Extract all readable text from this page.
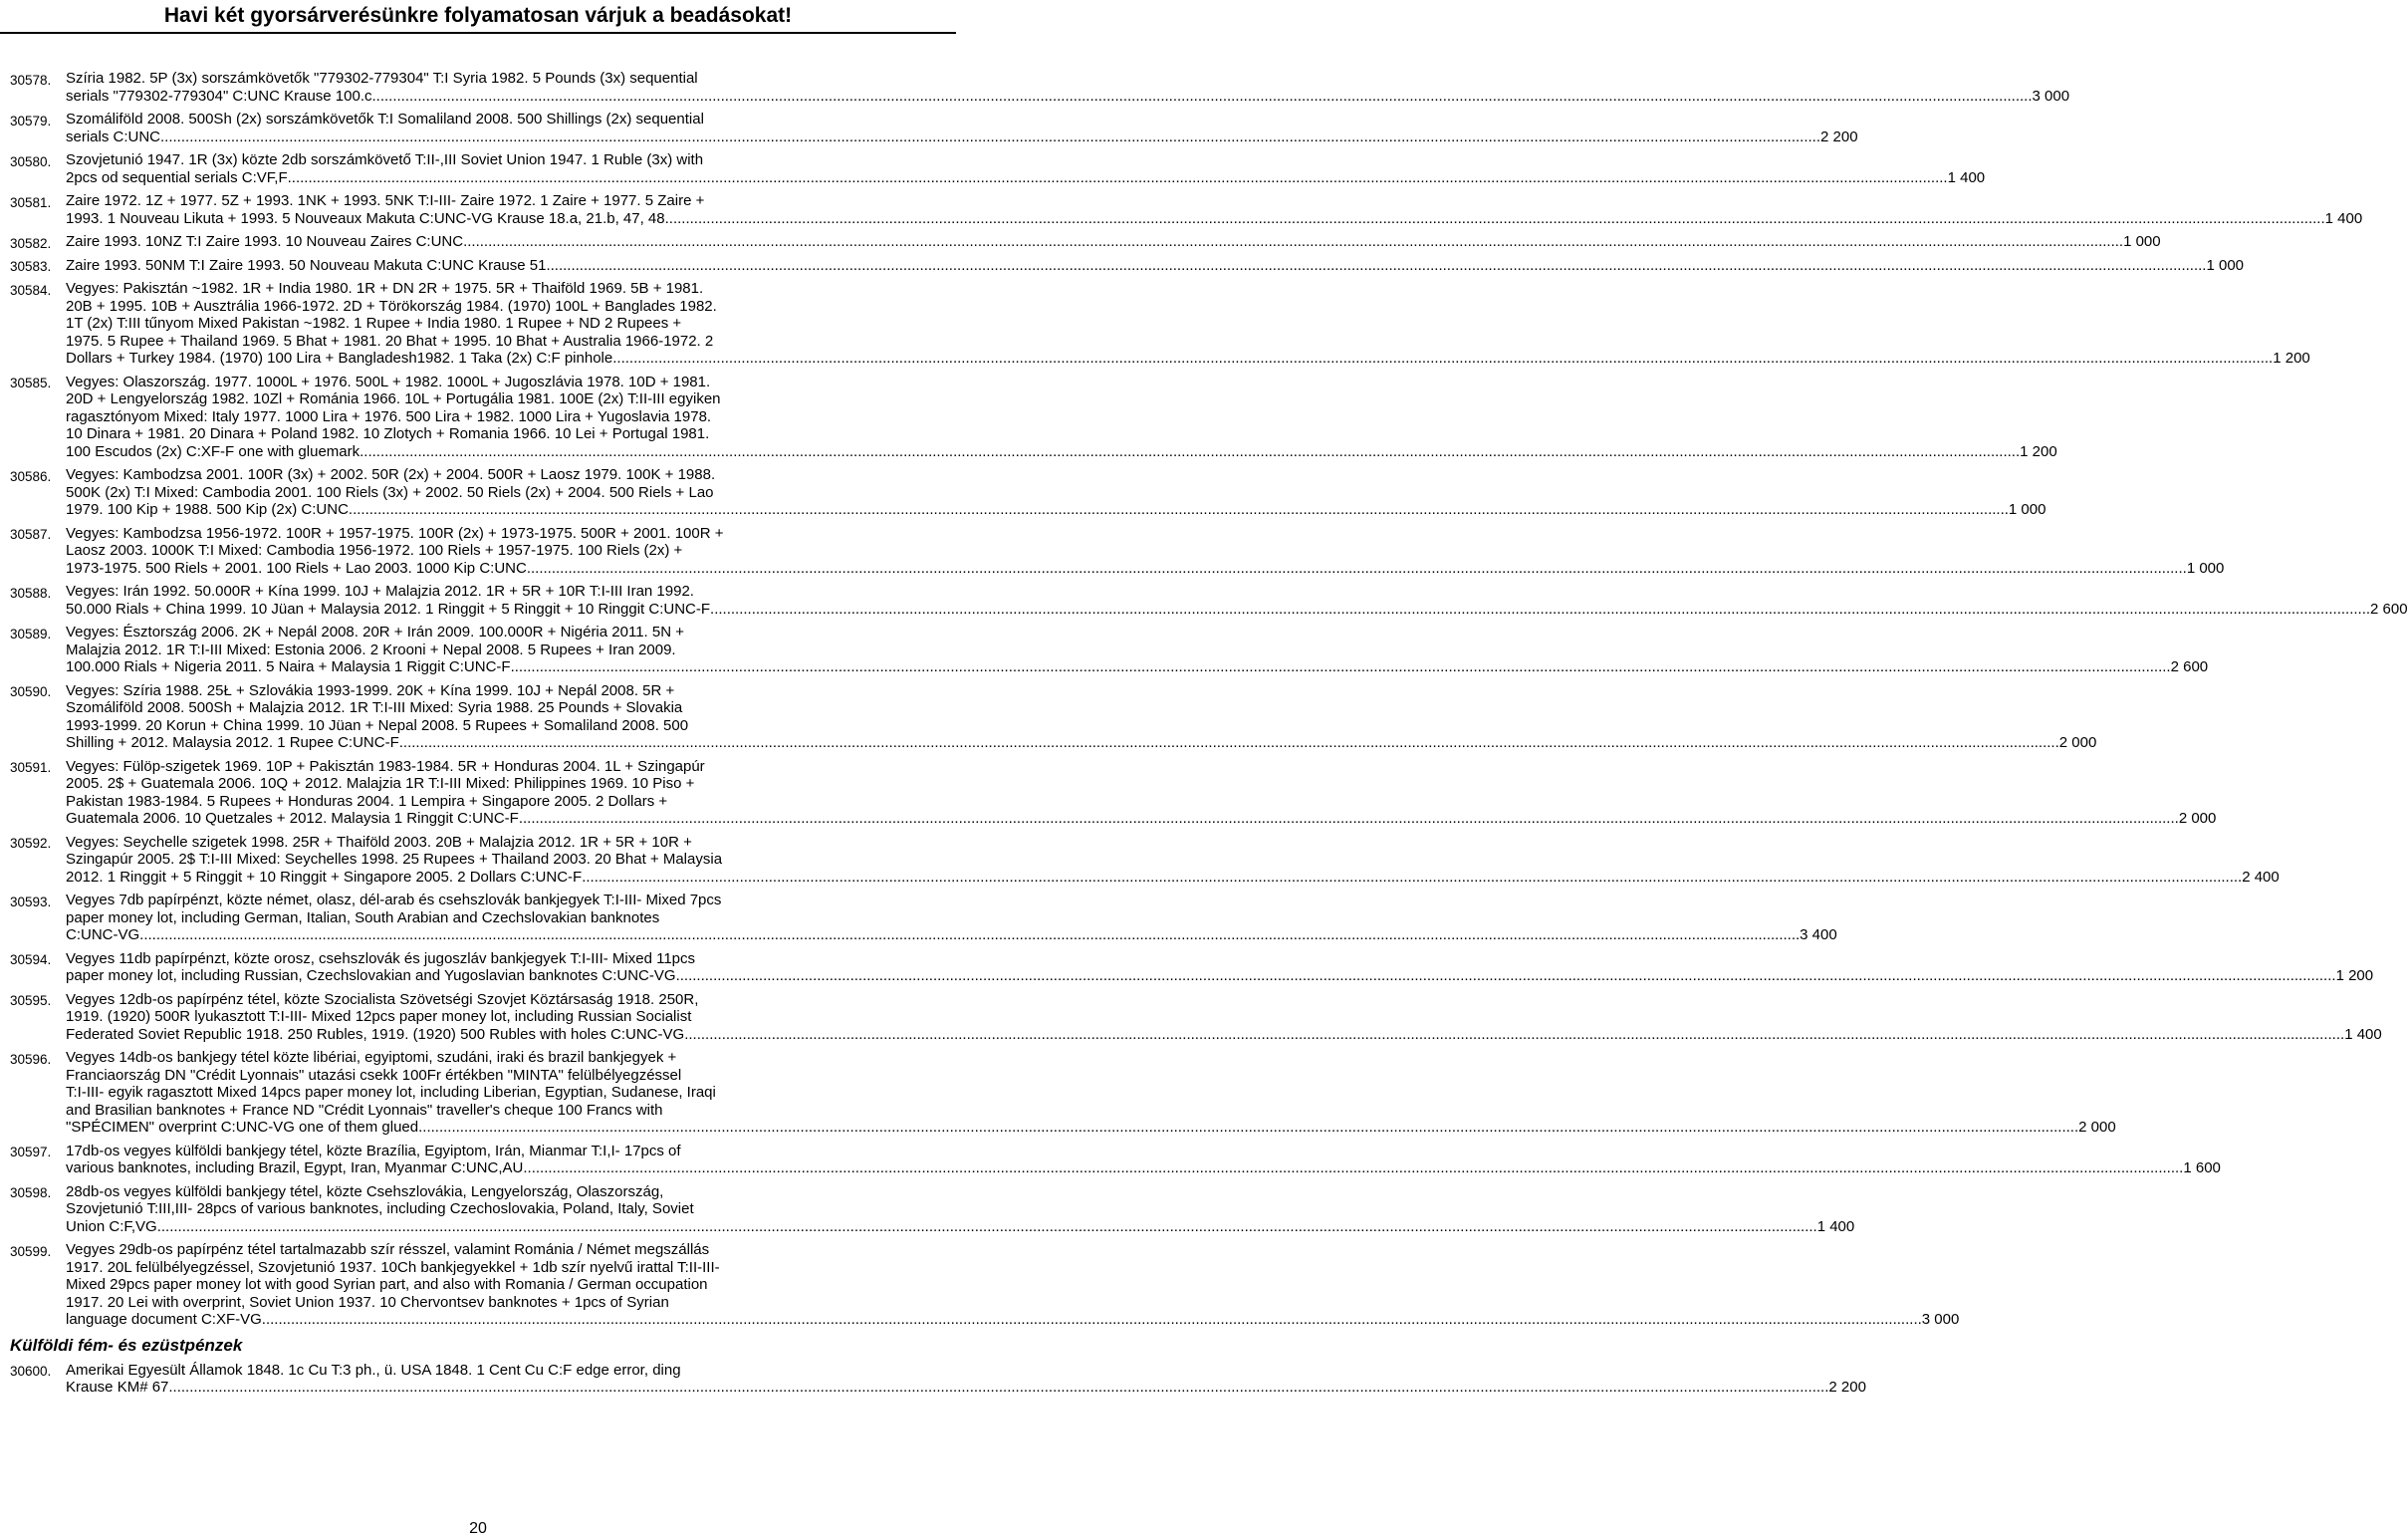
Havi két gyorsárverésünkre folyamatosan várjuk a beadásokat!
30578. Szíria 1982. 5P (3x) sorszámkövetők "779302-779304" T:I Syria 1982. 5 Pounds (3x) sequential

serials "779302-779304" C:UNC Krause 100.c ................................................................................................................................................................................................................................................................................................................................................................................................................ 3 000

30579. Szomáliföld 2008. 500Sh (2x) sorszámkövetők T:I Somaliland 2008. 500 Shillings (2x) sequential

serials C:UNC ................................................................................................................................................................................................................................................................................................................................................................................................................ 2 200

30580. Szovjetunió 1947. 1R (3x) közte 2db sorszámkövető T:II-,III Soviet Union 1947. 1 Ruble (3x) with

2pcs od sequential serials C:VF,F ................................................................................................................................................................................................................................................................................................................................................................................................................ 1 400

30581. Zaire 1972. 1Z + 1977. 5Z + 1993. 1NK + 1993. 5NK T:I-III- Zaire 1972. 1 Zaire + 1977. 5 Zaire +

1993. 1 Nouveau Likuta + 1993. 5 Nouveaux Makuta C:UNC-VG Krause 18.a, 21.b, 47, 48 ................................................................................................................................................................................................................................................................................................................................................................................................................ 1 400

30582. Zaire 1993. 10NZ T:I Zaire 1993. 10 Nouveau Zaires C:UNC ................................................................................................................................................................................................................................................................................................................................................................................................................ 1 000

30583. Zaire 1993. 50NM T:I Zaire 1993. 50 Nouveau Makuta C:UNC Krause 51 ................................................................................................................................................................................................................................................................................................................................................................................................................ 1 000

30584. Vegyes: Pakisztán ~1982. 1R + India 1980. 1R + DN 2R + 1975. 5R + Thaiföld 1969. 5B + 1981.

20B + 1995. 10B + Ausztrália 1966-1972. 2D + Törökország 1984. (1970) 100L + Banglades 1982.

1T (2x) T:III tűnyom Mixed Pakistan ~1982. 1 Rupee + India 1980. 1 Rupee + ND 2 Rupees +

1975. 5 Rupee + Thailand 1969. 5 Bhat + 1981. 20 Bhat + 1995. 10 Bhat + Australia 1966-1972. 2

Dollars + Turkey 1984. (1970) 100 Lira + Bangladesh1982. 1 Taka (2x) C:F pinhole ................................................................................................................................................................................................................................................................................................................................................................................................................ 1 200

30585. Vegyes: Olaszország. 1977. 1000L + 1976. 500L + 1982. 1000L + Jugoszlávia 1978. 10D + 1981.

20D + Lengyelország 1982. 10Zl + Románia 1966. 10L + Portugália 1981. 100E (2x) T:II-III egyiken

ragasztónyom Mixed: Italy 1977. 1000 Lira + 1976. 500 Lira + 1982. 1000 Lira + Yugoslavia 1978.

10 Dinara + 1981. 20 Dinara + Poland 1982. 10 Zlotych + Romania 1966. 10 Lei + Portugal 1981.

100 Escudos (2x) C:XF-F one with gluemark ................................................................................................................................................................................................................................................................................................................................................................................................................ 1 200

30586. Vegyes: Kambodzsa 2001. 100R (3x) + 2002. 50R (2x) + 2004. 500R + Laosz 1979. 100K + 1988.

500K (2x) T:I Mixed: Cambodia 2001. 100 Riels (3x) + 2002. 50 Riels (2x) + 2004. 500 Riels + Lao

1979. 100 Kip + 1988. 500 Kip (2x) C:UNC ................................................................................................................................................................................................................................................................................................................................................................................................................ 1 000

30587. Vegyes: Kambodzsa 1956-1972. 100R + 1957-1975. 100R (2x) + 1973-1975. 500R + 2001. 100R +

Laosz 2003. 1000K T:I Mixed: Cambodia 1956-1972. 100 Riels + 1957-1975. 100 Riels (2x) +

1973-1975. 500 Riels + 2001. 100 Riels + Lao 2003. 1000 Kip C:UNC ................................................................................................................................................................................................................................................................................................................................................................................................................ 1 000

30588. Vegyes: Irán 1992. 50.000R + Kína 1999. 10J + Malajzia 2012. 1R + 5R + 10R T:I-III Iran 1992.

50.000 Rials + China 1999. 10 Jüan + Malaysia 2012. 1 Ringgit + 5 Ringgit + 10 Ringgit C:UNC-F ................................................................................................................................................................................................................................................................................................................................................................................................................ 2 600

30589. Vegyes: Észtország 2006. 2K + Nepál 2008. 20R + Irán 2009. 100.000R + Nigéria 2011. 5N +

Malajzia 2012. 1R T:I-III Mixed: Estonia 2006. 2 Krooni + Nepal 2008. 5 Rupees + Iran 2009.

100.000 Rials + Nigeria 2011. 5 Naira + Malaysia 1 Riggit C:UNC-F ................................................................................................................................................................................................................................................................................................................................................................................................................ 2 600

30590. Vegyes: Szíria 1988. 25Ł + Szlovákia 1993-1999. 20K + Kína 1999. 10J + Nepál 2008. 5R +

Szomáliföld 2008. 500Sh + Malajzia 2012. 1R T:I-III Mixed: Syria 1988. 25 Pounds + Slovakia

1993-1999. 20 Korun + China 1999. 10 Jüan + Nepal 2008. 5 Rupees + Somaliland 2008. 500

Shilling + 2012. Malaysia 2012. 1 Rupee C:UNC-F ................................................................................................................................................................................................................................................................................................................................................................................................................ 2 000

30591. Vegyes: Fülöp-szigetek 1969. 10P + Pakisztán 1983-1984. 5R + Honduras 2004. 1L + Szingapúr

2005. 2$ + Guatemala 2006. 10Q + 2012. Malajzia 1R T:I-III Mixed: Philippines 1969. 10 Piso +

Pakistan 1983-1984. 5 Rupees + Honduras 2004. 1 Lempira + Singapore 2005. 2 Dollars +

Guatemala 2006. 10 Quetzales + 2012. Malaysia 1 Ringgit C:UNC-F ................................................................................................................................................................................................................................................................................................................................................................................................................ 2 000

30592. Vegyes: Seychelle szigetek 1998. 25R + Thaiföld 2003. 20B + Malajzia 2012. 1R + 5R + 10R +

Szingapúr 2005. 2$ T:I-III Mixed: Seychelles 1998. 25 Rupees + Thailand 2003. 20 Bhat + Malaysia

2012. 1 Ringgit + 5 Ringgit + 10 Ringgit + Singapore 2005. 2 Dollars C:UNC-F ................................................................................................................................................................................................................................................................................................................................................................................................................ 2 400

30593. Vegyes 7db papírpénzt, közte német, olasz, dél-arab és csehszlovák bankjegyek T:I-III- Mixed 7pcs

paper money lot, including German, Italian, South Arabian and Czechslovakian banknotes

C:UNC-VG ................................................................................................................................................................................................................................................................................................................................................................................................................ 3 400

30594. Vegyes 11db papírpénzt, közte orosz, csehszlovák és jugoszláv bankjegyek T:I-III- Mixed 11pcs

paper money lot, including Russian, Czechslovakian and Yugoslavian banknotes C:UNC-VG ................................................................................................................................................................................................................................................................................................................................................................................................................ 1 200

30595. Vegyes 12db-os papírpénz tétel, közte Szocialista Szövetségi Szovjet Köztársaság 1918. 250R,

1919. (1920) 500R lyukasztott T:I-III- Mixed 12pcs paper money lot, including Russian Socialist

Federated Soviet Republic 1918. 250 Rubles, 1919. (1920) 500 Rubles with holes C:UNC-VG ................................................................................................................................................................................................................................................................................................................................................................................................................ 1 400

30596. Vegyes 14db-os bankjegy tétel közte libériai, egyiptomi, szudáni, iraki és brazil bankjegyek +

Franciaország DN "Crédit Lyonnais" utazási csekk 100Fr értékben "MINTA" felülbélyegzéssel

T:I-III- egyik ragasztott Mixed 14pcs paper money lot, including Liberian, Egyptian, Sudanese, Iraqi

and Brasilian banknotes + France ND "Crédit Lyonnais" traveller's cheque 100 Francs with

"SPÉCIMEN" overprint C:UNC-VG one of them glued ................................................................................................................................................................................................................................................................................................................................................................................................................ 2 000

30597. 17db-os vegyes külföldi bankjegy tétel, közte Brazília, Egyiptom, Irán, Mianmar T:I,I- 17pcs of

various banknotes, including Brazil, Egypt, Iran, Myanmar C:UNC,AU ................................................................................................................................................................................................................................................................................................................................................................................................................ 1 600

30598. 28db-os vegyes külföldi bankjegy tétel, közte Csehszlovákia, Lengyelország, Olaszország,

Szovjetunió T:III,III- 28pcs of various banknotes, including Czechoslovakia, Poland, Italy, Soviet

Union C:F,VG ................................................................................................................................................................................................................................................................................................................................................................................................................ 1 400

30599. Vegyes 29db-os papírpénz tétel tartalmazabb szír résszel, valamint Románia / Német megszállás

1917. 20L felülbélyegzéssel, Szovjetunió 1937. 10Ch bankjegyekkel + 1db szír nyelvű irattal T:II-III-

Mixed 29pcs paper money lot with good Syrian part, and also with Romania / German occupation

1917. 20 Lei with overprint, Soviet Union 1937. 10 Chervontsev banknotes + 1pcs of Syrian

language document C:XF-VG ................................................................................................................................................................................................................................................................................................................................................................................................................ 3 000

Külföldi fém- és ezüstpénzek
30600. Amerikai Egyesült Államok 1848. 1c Cu T:3 ph., ü. USA 1848. 1 Cent Cu C:F edge error, ding

Krause KM# 67 ................................................................................................................................................................................................................................................................................................................................................................................................................ 2 200

20
